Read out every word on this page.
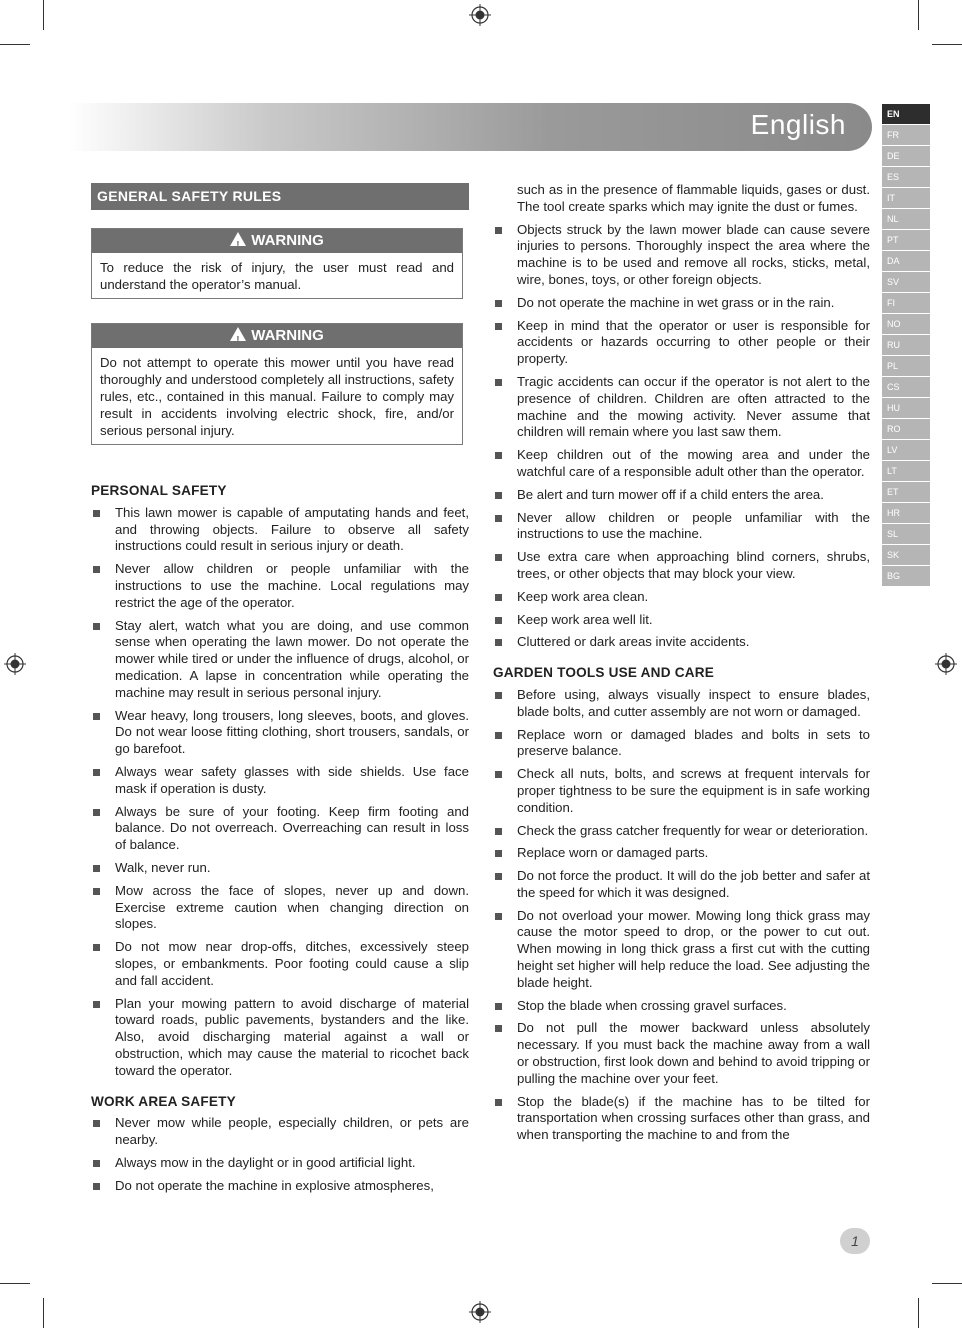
English	EN
FR
DE
ES
IT
NL
PT
DA
SV
FI
NO
RU
PL
CS
HU
RO
LV
LT
ET
HR
SL
SK
BG
GENERAL SAFETY RULES
!WARNING
To reduce the risk of injury, the user must read and understand the operator’s manual.
!WARNING
Do not attempt to operate this mower until you have read thoroughly and understood completely all instructions, safety rules, etc., contained in this manual. Failure to comply may result in accidents involving electric shock, fire, and/or serious personal injury.
PERSONAL SAFETY
This lawn mower is capable of amputating hands and feet, and throwing objects. Failure to observe all safety instructions could result in serious injury or death.
Never allow children or people unfamiliar with the instructions to use the machine. Local regulations may restrict the age of the operator.
Stay alert, watch what you are doing, and use common sense when operating the lawn mower. Do not operate the mower while tired or under the influence of drugs, alcohol, or medication. A lapse in concentration while operating the machine may result in serious personal injury.
Wear heavy, long trousers, long sleeves, boots, and gloves. Do not wear loose fitting clothing, short trousers, sandals, or go barefoot.
Always wear safety glasses with side shields. Use face mask if operation is dusty.
Always be sure of your footing. Keep firm footing and balance. Do not overreach. Overreaching can result in loss of balance.
Walk, never run.
Mow across the face of slopes, never up and down. Exercise extreme caution when changing direction on slopes.
Do not mow near drop-offs, ditches, excessively steep slopes, or embankments. Poor footing could cause a slip and fall accident.
Plan your mowing pattern to avoid discharge of material toward roads, public pavements, bystanders and the like. Also, avoid discharging material against a wall or obstruction, which may cause the material to ricochet back toward the operator.
WORK AREA SAFETY
Never mow while people, especially children, or pets are nearby.
Always mow in the daylight or in good artificial light.
Do not operate the machine in explosive atmospheres,
such as in the presence of flammable liquids, gases or dust. The tool create sparks which may ignite the dust or fumes.
Objects struck by the lawn mower blade can cause severe injuries to persons. Thoroughly inspect the area where the machine is to be used and remove all rocks, sticks, metal, wire, bones, toys, or other foreign objects.
Do not operate the machine in wet grass or in the rain.
Keep in mind that the operator or user is responsible for accidents or hazards occurring to other people or their property.
Tragic accidents can occur if the operator is not alert to the presence of children. Children are often attracted to the machine and the mowing activity. Never assume that children will remain where you last saw them.
Keep children out of the mowing area and under the watchful care of a responsible adult other than the operator.
Be alert and turn mower off if a child enters the area.
Never allow children or people unfamiliar with the instructions to use the machine.
Use extra care when approaching blind corners, shrubs, trees, or other objects that may block your view.
Keep work area clean.
Keep work area well lit.
Cluttered or dark areas invite accidents.
GARDEN TOOLS USE AND CARE
Before using, always visually inspect to ensure blades, blade bolts, and cutter assembly are not worn or damaged.
Replace worn or damaged blades and bolts in sets to preserve balance.
Check all nuts, bolts, and screws at frequent intervals for proper tightness to be sure the equipment is in safe working condition.
Check the grass catcher frequently for wear or deterioration.
Replace worn or damaged parts.
Do not force the product. It will do the job better and safer at the speed for which it was designed.
Do not overload your mower. Mowing long thick grass may cause the motor speed to drop, or the power to cut out. When mowing in long thick grass a first cut with the cutting height set higher will help reduce the load. See adjusting the blade height.
Stop the blade when crossing gravel surfaces.
Do not pull the mower backward unless absolutely necessary. If you must back the machine away from a wall or obstruction, first look down and behind to avoid tripping or pulling the machine over your feet.
Stop the blade(s) if the machine has to be tilted for transportation when crossing surfaces other than grass, and when transporting the machine to and from the
1
